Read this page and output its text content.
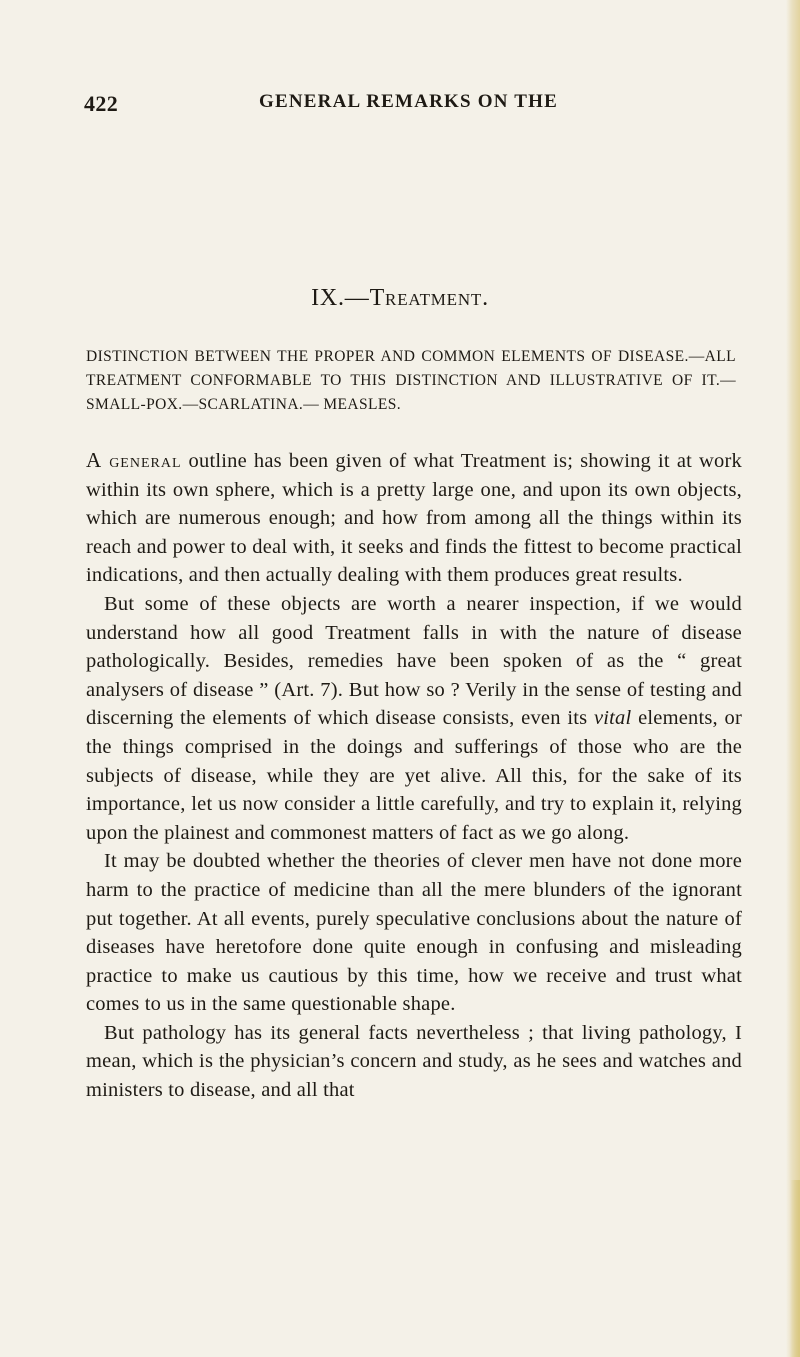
422	GENERAL REMARKS ON THE
IX.—Treatment.
DISTINCTION BETWEEN THE PROPER AND COMMON ELEMENTS OF DISEASE.—ALL TREATMENT CONFORMABLE TO THIS DISTINCTION AND ILLUSTRATIVE OF IT.—SMALL-POX.—SCARLATINA.— MEASLES.

A general outline has been given of what Treatment is; showing it at work within its own sphere, which is a pretty large one, and upon its own objects, which are numerous enough; and how from among all the things within its reach and power to deal with, it seeks and finds the fittest to become practical indications, and then actually dealing with them produces great results.

But some of these objects are worth a nearer inspection, if we would understand how all good Treatment falls in with the nature of disease pathologically. Besides, remedies have been spoken of as the “ great analysers of disease ” (Art. 7). But how so ? Verily in the sense of testing and discerning the elements of which disease consists, even its vital elements, or the things comprised in the doings and sufferings of those who are the subjects of disease, while they are yet alive. All this, for the sake of its importance, let us now consider a little carefully, and try to explain it, relying upon the plainest and commonest matters of fact as we go along.

It may be doubted whether the theories of clever men have not done more harm to the practice of medicine than all the mere blunders of the ignorant put together. At all events, purely speculative conclusions about the nature of diseases have heretofore done quite enough in confusing and misleading practice to make us cautious by this time, how we receive and trust what comes to us in the same questionable shape.

But pathology has its general facts nevertheless ; that living pathology, I mean, which is the physician’s concern and study, as he sees and watches and ministers to disease, and all that
